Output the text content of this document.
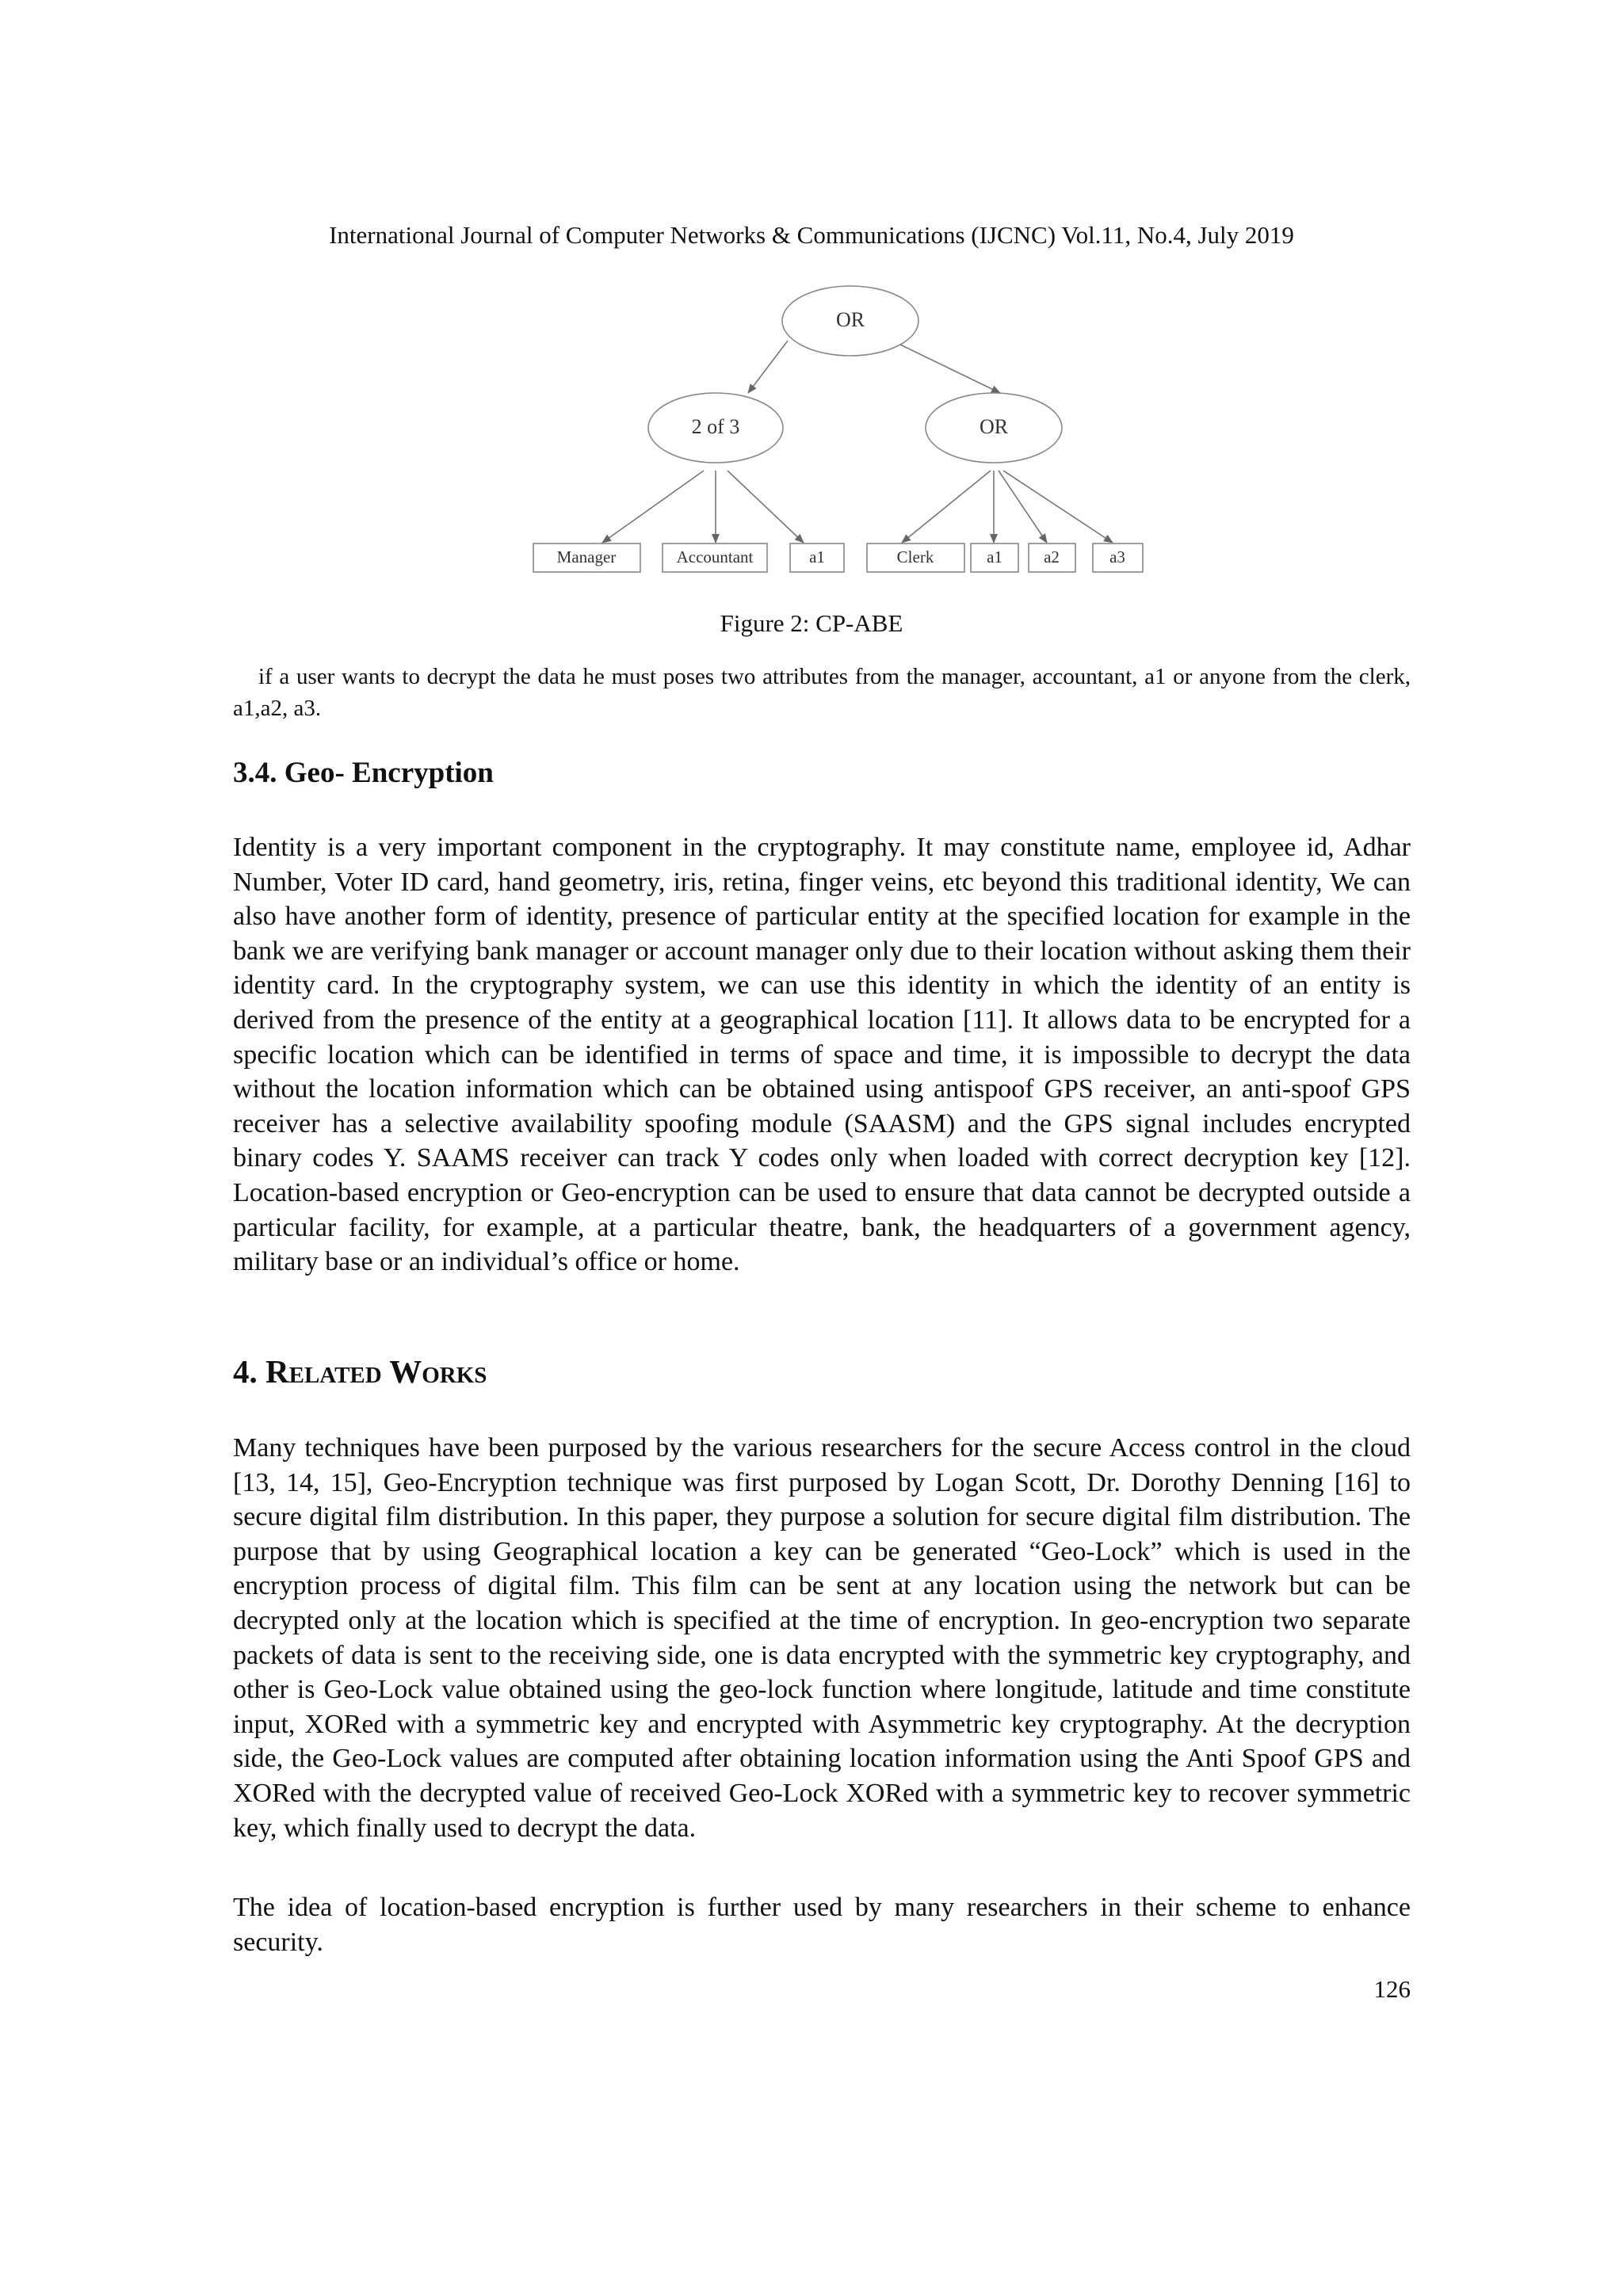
International Journal of Computer Networks & Communications (IJCNC) Vol.11, No.4, July 2019
OR
2 of 3	OR
Manager	Accountant	a1	Clerk	a1 a2	a3
Figure 2: CP-ABE

if a user wants to decrypt the data he must poses two attributes from the manager, accountant, a1 or anyone from the clerk, a1,a2, a3.

3.4. Geo- Encryption

Identity is a very important component in the cryptography. It may constitute name, employee id, Adhar Number, Voter ID card, hand geometry, iris, retina, finger veins, etc beyond this traditional identity, We can also have another form of identity, presence of particular entity at the specified location for example in the bank we are verifying bank manager or account manager only due to their location without asking them their identity card. In the cryptography system, we can use this identity in which the identity of an entity is derived from the presence of the entity at a geographical location [11]. It allows data to be encrypted for a specific location which can be identified in terms of space and time, it is impossible to decrypt the data without the location information which can be obtained using antispoof GPS receiver, an anti-spoof GPS receiver has a selective availability spoofing module (SAASM) and the GPS signal includes encrypted binary codes Y. SAAMS receiver can track Y codes only when loaded with correct decryption key [12]. Location-based encryption or Geo-encryption can be used to ensure that data cannot be decrypted outside a particular facility, for example, at a particular theatre, bank, the headquarters of a government agency, military base or an individual’s office or home.

4. Related Works

Many techniques have been purposed by the various researchers for the secure Access control in the cloud [13, 14, 15], Geo-Encryption technique was first purposed by Logan Scott, Dr. Dorothy Denning [16] to secure digital film distribution. In this paper, they purpose a solution for secure digital film distribution. The purpose that by using Geographical location a key can be generated “Geo-Lock” which is used in the encryption process of digital film. This film can be sent at any location using the network but can be decrypted only at the location which is specified at the time of encryption. In geo-encryption two separate packets of data is sent to the receiving side, one is data encrypted with the symmetric key cryptography, and other is Geo-Lock value obtained using the geo-lock function where longitude, latitude and time constitute input, XORed with a symmetric key and encrypted with Asymmetric key cryptography. At the decryption side, the Geo-Lock values are computed after obtaining location information using the Anti Spoof GPS and XORed with the decrypted value of received Geo-Lock XORed with a symmetric key to recover symmetric key, which finally used to decrypt the data.

The idea of location-based encryption is further used by many researchers in their scheme to enhance security.

126
